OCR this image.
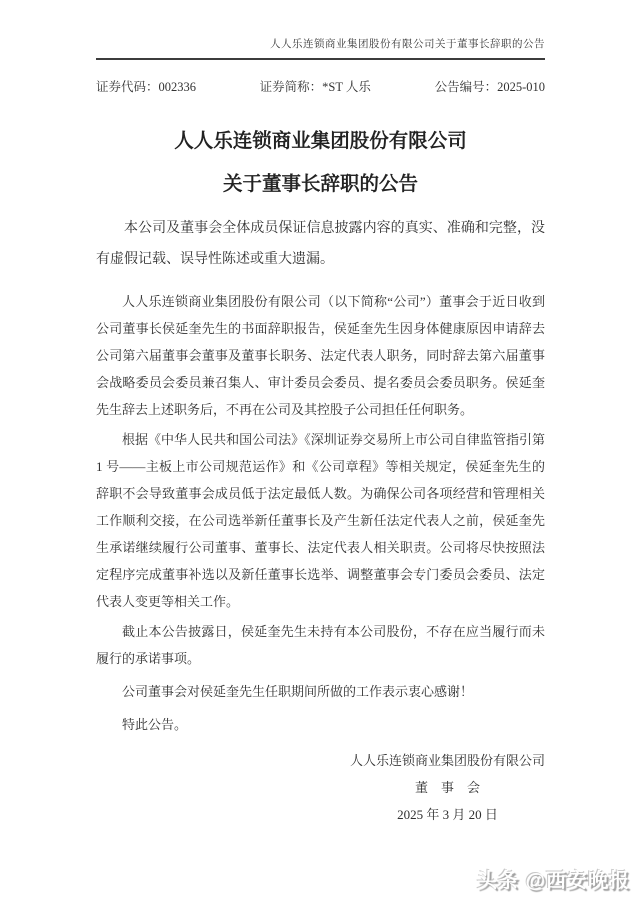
人人乐连锁商业集团股份有限公司关于董事长辞职的公告
证券代码：002336	证券简称：*ST 人乐	公告编号：2025-010
人人乐连锁商业集团股份有限公司
关于董事长辞职的公告
本公司及董事会全体成员保证信息披露内容的真实、准确和完整，没有虚假记载、误导性陈述或重大遗漏。
人人乐连锁商业集团股份有限公司（以下简称“公司”）董事会于近日收到公司董事长侯延奎先生的书面辞职报告，侯延奎先生因身体健康原因申请辞去公司第六届董事会董事及董事长职务、法定代表人职务，同时辞去第六届董事会战略委员会委员兼召集人、审计委员会委员、提名委员会委员职务。侯延奎先生辞去上述职务后，不再在公司及其控股子公司担任任何职务。
根据《中华人民共和国公司法》《深圳证券交易所上市公司自律监管指引第 1 号——主板上市公司规范运作》和《公司章程》等相关规定，侯延奎先生的辞职不会导致董事会成员低于法定最低人数。为确保公司各项经营和管理相关工作顺利交接，在公司选举新任董事长及产生新任法定代表人之前，侯延奎先生承诺继续履行公司董事、董事长、法定代表人相关职责。公司将尽快按照法定程序完成董事补选以及新任董事长选举、调整董事会专门委员会委员、法定代表人变更等相关工作。
截止本公告披露日，侯延奎先生未持有本公司股份，不存在应当履行而未履行的承诺事项。
公司董事会对侯延奎先生任职期间所做的工作表示衷心感谢！
特此公告。
人人乐连锁商业集团股份有限公司
董　事　会
2025 年 3 月 20 日
头条 @西安晚报
